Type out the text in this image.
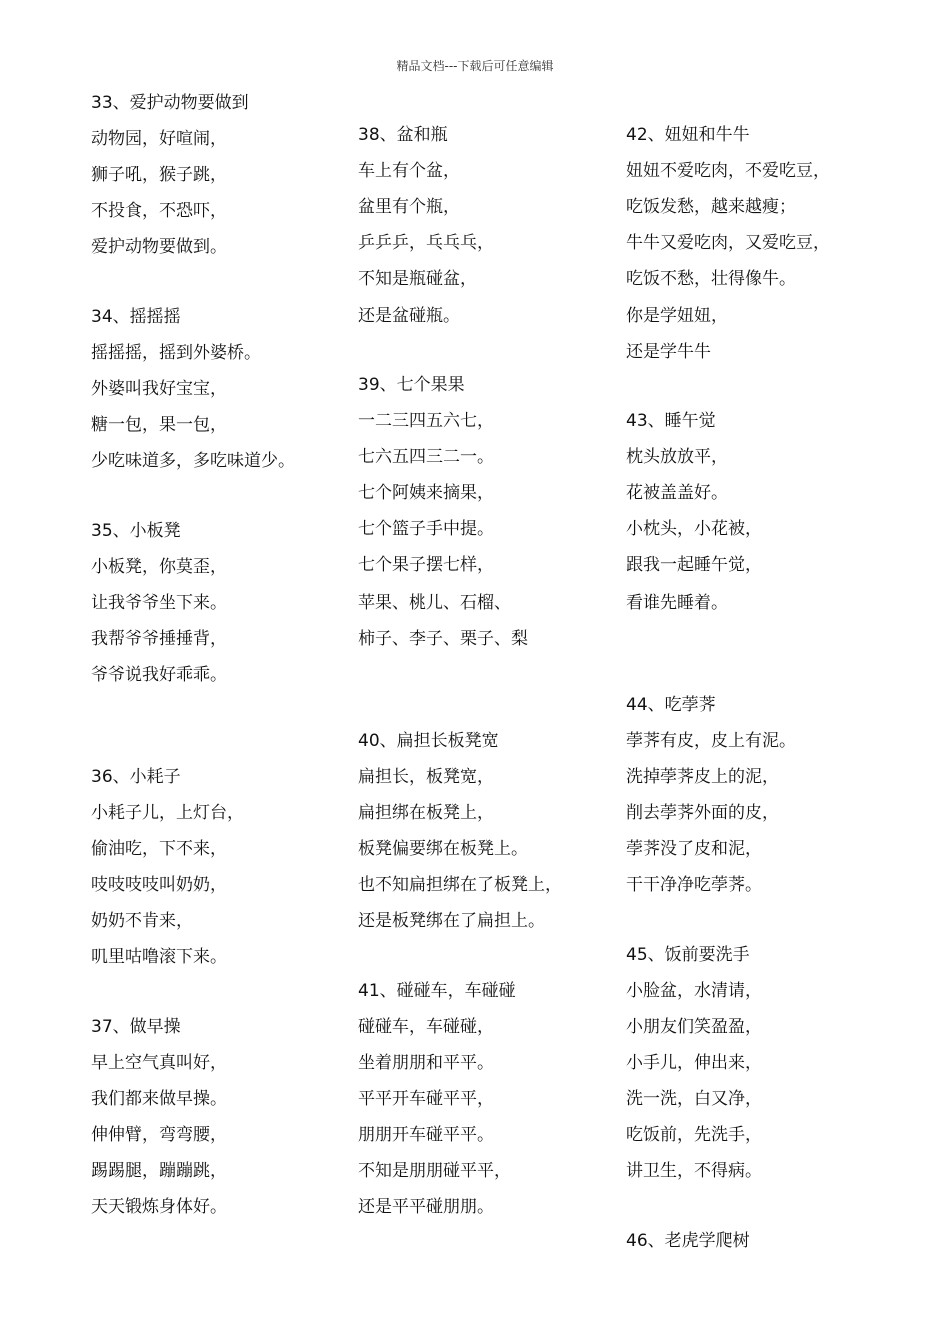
精品文档---下载后可任意编辑
33、爱护动物要做到
动物园，好喧闹，
狮子吼，猴子跳，
不投食，不恐吓，
爱护动物要做到。
34、摇摇摇
摇摇摇，摇到外婆桥。
外婆叫我好宝宝，
糖一包，果一包，
少吃味道多，多吃味道少。
35、小板凳
小板凳，你莫歪，
让我爷爷坐下来。
我帮爷爷捶捶背，
爷爷说我好乖乖。
36、小耗子
小耗子儿，上灯台，
偷油吃，下不来，
吱吱吱吱叫奶奶，
奶奶不肯来，
叽里咕噜滚下来。
37、做早操
早上空气真叫好，
我们都来做早操。
伸伸臂，弯弯腰，
踢踢腿，蹦蹦跳，
天天锻炼身体好。
38、盆和瓶
车上有个盆，
盆里有个瓶，
乒乒乒，乓乓乓，
不知是瓶碰盆，
还是盆碰瓶。
39、七个果果
一二三四五六七，
七六五四三二一。
七个阿姨来摘果，
七个篮子手中提。
七个果子摆七样，
苹果、桃儿、石榴、
柿子、李子、栗子、梨
40、扁担长板凳宽
扁担长，板凳宽，
扁担绑在板凳上，
板凳偏要绑在板凳上。
也不知扁担绑在了板凳上，
还是板凳绑在了扁担上。
41、碰碰车，车碰碰
碰碰车，车碰碰，
坐着朋朋和平平。
平平开车碰平平，
朋朋开车碰平平。
不知是朋朋碰平平，
还是平平碰朋朋。
42、妞妞和牛牛
妞妞不爱吃肉，不爱吃豆，
吃饭发愁，越来越瘦；
牛牛又爱吃肉，又爱吃豆，
吃饭不愁，壮得像牛。
你是学妞妞，
还是学牛牛
43、睡午觉
枕头放放平，
花被盖盖好。
小枕头，小花被，
跟我一起睡午觉，
看谁先睡着。
44、吃荸荠
荸荠有皮，皮上有泥。
洗掉荸荠皮上的泥，
削去荸荠外面的皮，
荸荠没了皮和泥，
干干净净吃荸荠。
45、饭前要洗手
小脸盆，水清请，
小朋友们笑盈盈，
小手儿，伸出来，
洗一洗，白又净，
吃饭前，先洗手，
讲卫生，不得病。
46、老虎学爬树
